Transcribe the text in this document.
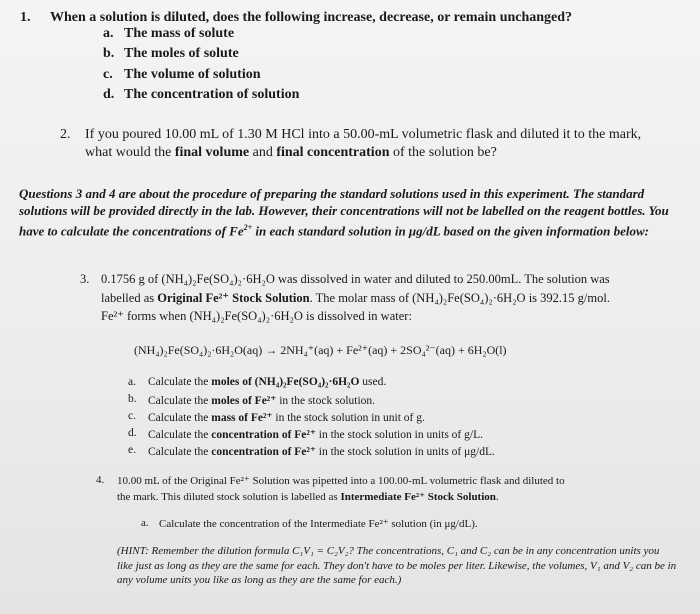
1. When a solution is diluted, does the following increase, decrease, or remain unchanged?
a. The mass of solute
b. The moles of solute
c. The volume of solution
d. The concentration of solution
2. If you poured 10.00 mL of 1.30 M HCl into a 50.00-mL volumetric flask and diluted it to the mark,
what would the final volume and final concentration of the solution be?
Questions 3 and 4 are about the procedure of preparing the standard solutions used in this experiment. The standard solutions will be provided directly in the lab. However, their concentrations will not be labelled on the reagent bottles. You have to calculate the concentrations of $Fe^{2+}$ in each standard solution in μg/dL based on the given information below:
3. 0.1756 g of (NH₄)₂Fe(SO₄)₂·6H₂O was dissolved in water and diluted to 250.00mL. The solution was
labelled as Original Fe²⁺ Stock Solution. The molar mass of (NH₄)₂Fe(SO₄)₂·6H₂O is 392.15 g/mol.
Fe²⁺ forms when (NH₄)₂Fe(SO₄)₂·6H₂O is dissolved in water:
(NH₄)₂Fe(SO₄)₂·6H₂O(aq) → 2NH₄⁺(aq) + Fe²⁺(aq) + 2SO₄²⁻(aq) + 6H₂O(l)
a. Calculate the moles of (NH₄)₂Fe(SO₄)₂·6H₂O used.
b. Calculate the moles of Fe²⁺ in the stock solution.
c. Calculate the mass of Fe²⁺ in the stock solution in unit of g.
d. Calculate the concentration of Fe²⁺ in the stock solution in units of g/L.
e. Calculate the concentration of Fe²⁺ in the stock solution in units of μg/dL.
4. 10.00 mL of the Original Fe²⁺ Solution was pipetted into a 100.00-mL volumetric flask and diluted to
the mark. This diluted stock solution is labelled as Intermediate Fe²⁺ Stock Solution.
a. Calculate the concentration of the Intermediate Fe²⁺ solution (in μg/dL).
(HINT: Remember the dilution formula C₁V₁ = C₂V₂? The concentrations, C₁ and C₂ can be in any concentration units you like just as long as they are the same for each. They don't have to be moles per liter. Likewise, the volumes, V₁ and V₂ can be in any volume units you like as long as they are the same for each.)
